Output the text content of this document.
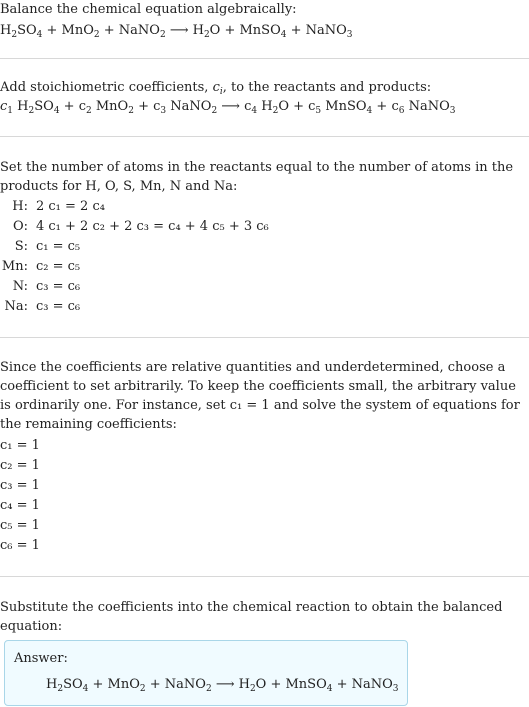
Balance the chemical equation algebraically:

$H_2SO_4 + MnO_2$ + NaNO$_2$ ⟶ $H_2O$ + MnSO$_4$ + NaNO$_3$

Add stoichiometric coefficients, $c_i$, to the reactants and products:

$c_1$ $H_2SO_4 + c_2$ $MnO_2 + c_3$ NaNO$_2$ ⟶ $c_4$ $H_2O + c_5$ MnSO$_4$ + $c_6$ NaNO$_3$

Set the number of atoms in the reactants equal to the number of atoms in the products for H, O, S, Mn, N and Na:

H: 2 c₁ = 2 c₄
O: 4 c₁ + 2 c₂ + 2 c₃ = c₄ + 4 c₅ + 3 c₆
S: c₁ = c₅
Mn: c₂ = c₅
N: c₃ = c₆
Na: c₃ = c₆

Since the coefficients are relative quantities and underdetermined, choose a coefficient to set arbitrarily. To keep the coefficients small, the arbitrary value is ordinarily one. For instance, set c₁ = 1 and solve the system of equations for the remaining coefficients:

c₁ = 1
c₂ = 1
c₃ = 1
c₄ = 1
c₅ = 1
c₆ = 1

Substitute the coefficients into the chemical reaction to obtain the balanced equation:

Answer:
$H_2SO_4 + MnO_2$ + NaNO$_2$ ⟶ $H_2O$ + MnSO$_4$ + NaNO$_3$
